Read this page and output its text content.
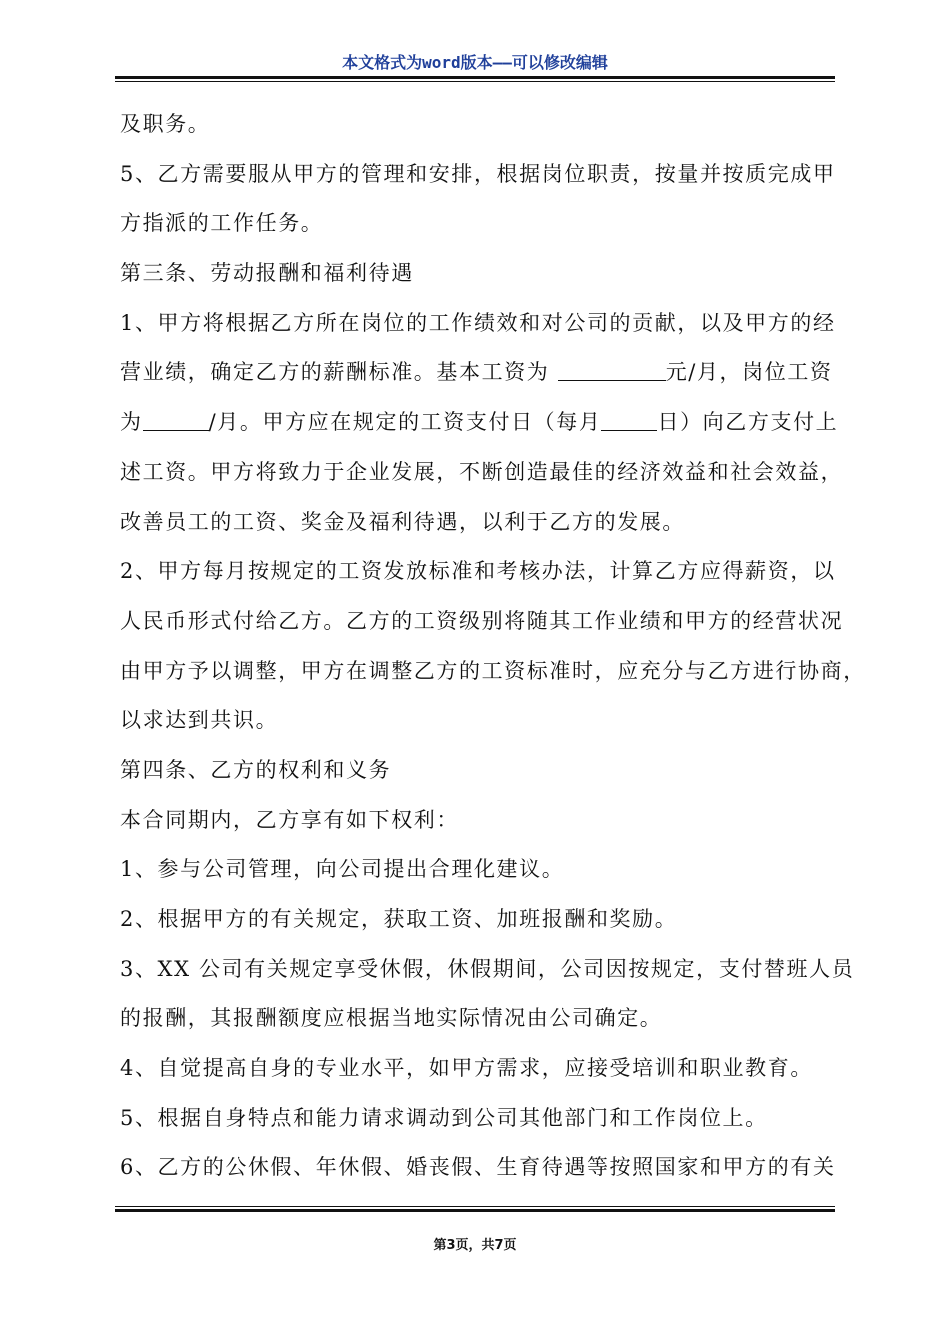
本文格式为word版本——可以修改编辑
及职务。
5、乙方需要服从甲方的管理和安排，根据岗位职责，按量并按质完成甲
方指派的工作任务。
第三条、劳动报酬和福利待遇
1、甲方将根据乙方所在岗位的工作绩效和对公司的贡献，以及甲方的经
营业绩，确定乙方的薪酬标准。基本工资为	元/月，岗位工资
为	/月。甲方应在规定的工资支付日（每月	日）向乙方支付上
述工资。甲方将致力于企业发展，不断创造最佳的经济效益和社会效益，
改善员工的工资、奖金及福利待遇，以利于乙方的发展。
2、甲方每月按规定的工资发放标准和考核办法，计算乙方应得薪资，以
人民币形式付给乙方。乙方的工资级别将随其工作业绩和甲方的经营状况
由甲方予以调整，甲方在调整乙方的工资标准时，应充分与乙方进行协商，
以求达到共识。
第四条、乙方的权利和义务
本合同期内，乙方享有如下权利：
1、参与公司管理，向公司提出合理化建议。
2、根据甲方的有关规定，获取工资、加班报酬和奖励。
3、XX 公司有关规定享受休假，休假期间，公司因按规定，支付替班人员
的报酬，其报酬额度应根据当地实际情况由公司确定。
4、自觉提高自身的专业水平，如甲方需求，应接受培训和职业教育。
5、根据自身特点和能力请求调动到公司其他部门和工作岗位上。
6、乙方的公休假、年休假、婚丧假、生育待遇等按照国家和甲方的有关
第3页，共7页
